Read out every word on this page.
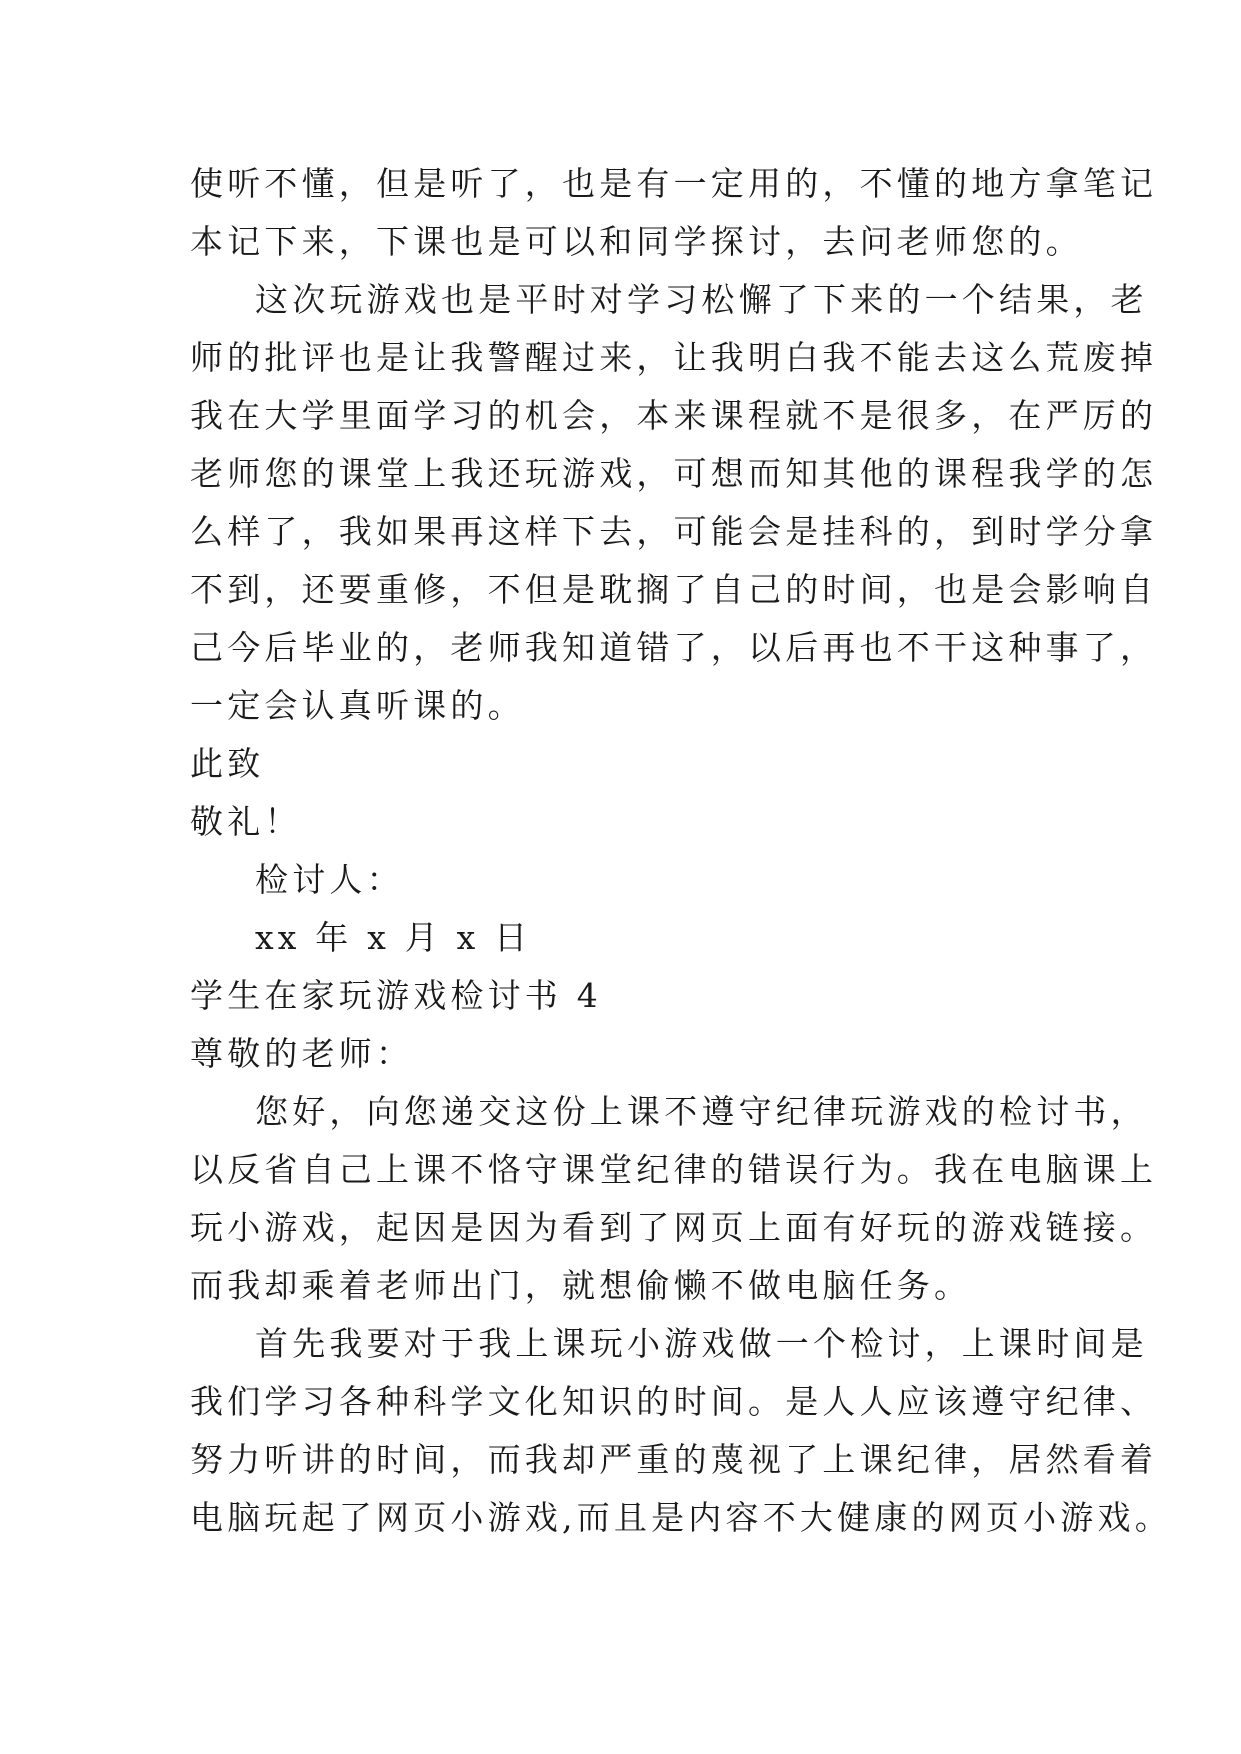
使听不懂，但是听了，也是有一定用的，不懂的地方拿笔记
本记下来，下课也是可以和同学探讨，去问老师您的。
这次玩游戏也是平时对学习松懈了下来的一个结果，老
师的批评也是让我警醒过来，让我明白我不能去这么荒废掉
我在大学里面学习的机会，本来课程就不是很多，在严厉的
老师您的课堂上我还玩游戏，可想而知其他的课程我学的怎
么样了，我如果再这样下去，可能会是挂科的，到时学分拿
不到，还要重修，不但是耽搁了自己的时间，也是会影响自
己今后毕业的，老师我知道错了，以后再也不干这种事了，
一定会认真听课的。
此致
敬礼！
检讨人：
xx 年 x 月 x 日
学生在家玩游戏检讨书 4
尊敬的老师：
您好，向您递交这份上课不遵守纪律玩游戏的检讨书，
以反省自己上课不恪守课堂纪律的错误行为。我在电脑课上
玩小游戏，起因是因为看到了网页上面有好玩的游戏链接。
而我却乘着老师出门，就想偷懒不做电脑任务。
首先我要对于我上课玩小游戏做一个检讨，上课时间是
我们学习各种科学文化知识的时间。是人人应该遵守纪律、
努力听讲的时间，而我却严重的蔑视了上课纪律，居然看着
电脑玩起了网页小游戏,而且是内容不大健康的网页小游戏。
